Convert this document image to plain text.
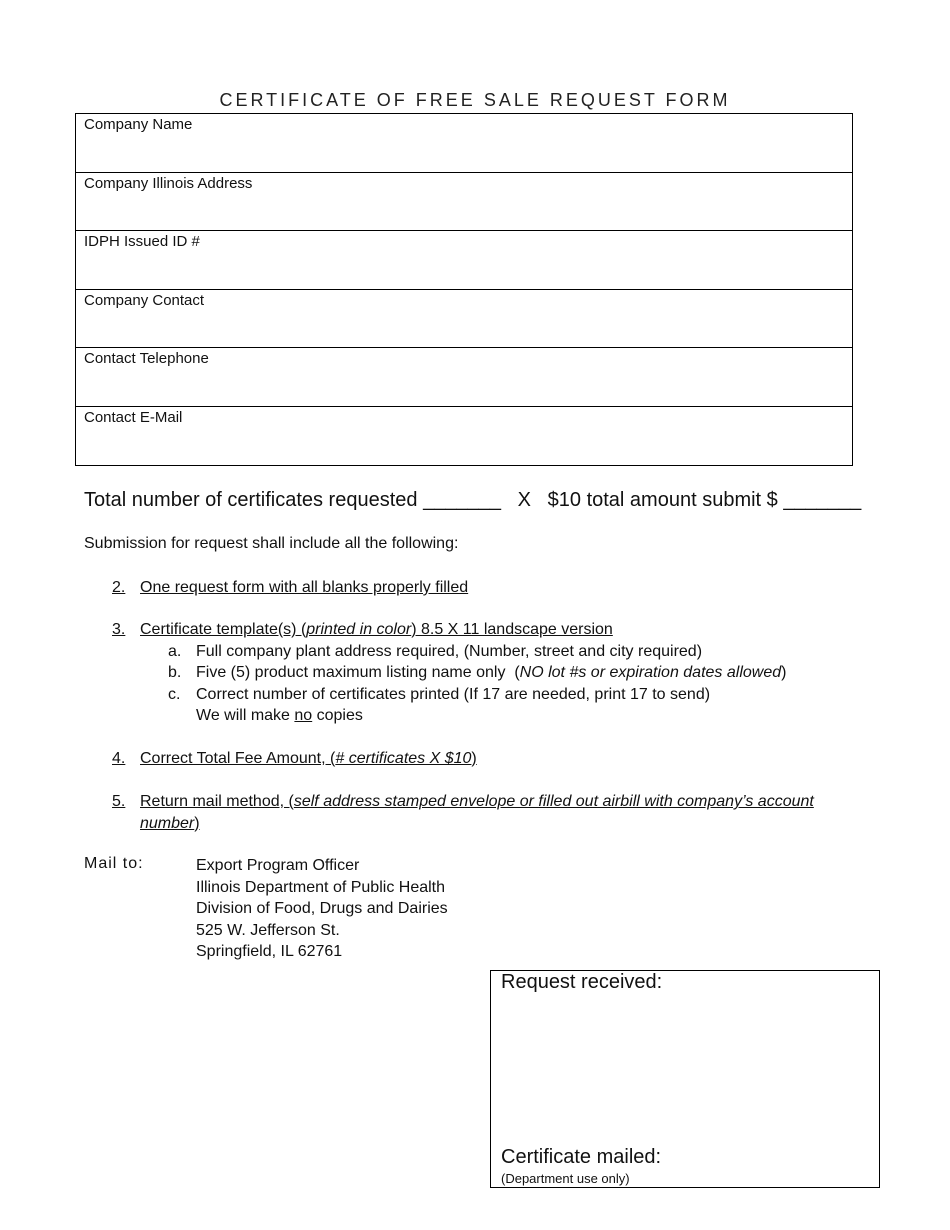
CERTIFICATE OF FREE SALE REQUEST FORM
Company Name
Company Illinois Address
IDPH Issued ID #
Company Contact
Contact Telephone
Contact E-Mail
Total number of certificates requested _______ X $10 total amount submit $ _______
Submission for request shall include all the following:
2. One request form with all blanks properly filled
3. Certificate template(s) (printed in color) 8.5 X 11 landscape version
a. Full company plant address required, (Number, street and city required)
b. Five (5) product maximum listing name only  (NO lot #s or expiration dates allowed)
c. Correct number of certificates printed (If 17 are needed, print 17 to send)
We will make no copies
4. Correct Total Fee Amount, (# certificates X $10)
5. Return mail method, (self address stamped envelope or filled out airbill with company’s account number)
Mail to:	Export Program Officer
Illinois Department of Public Health
Division of Food, Drugs and Dairies
525 W. Jefferson St.
Springfield, IL 62761
Request received:
Certificate mailed:
(Department use only)
